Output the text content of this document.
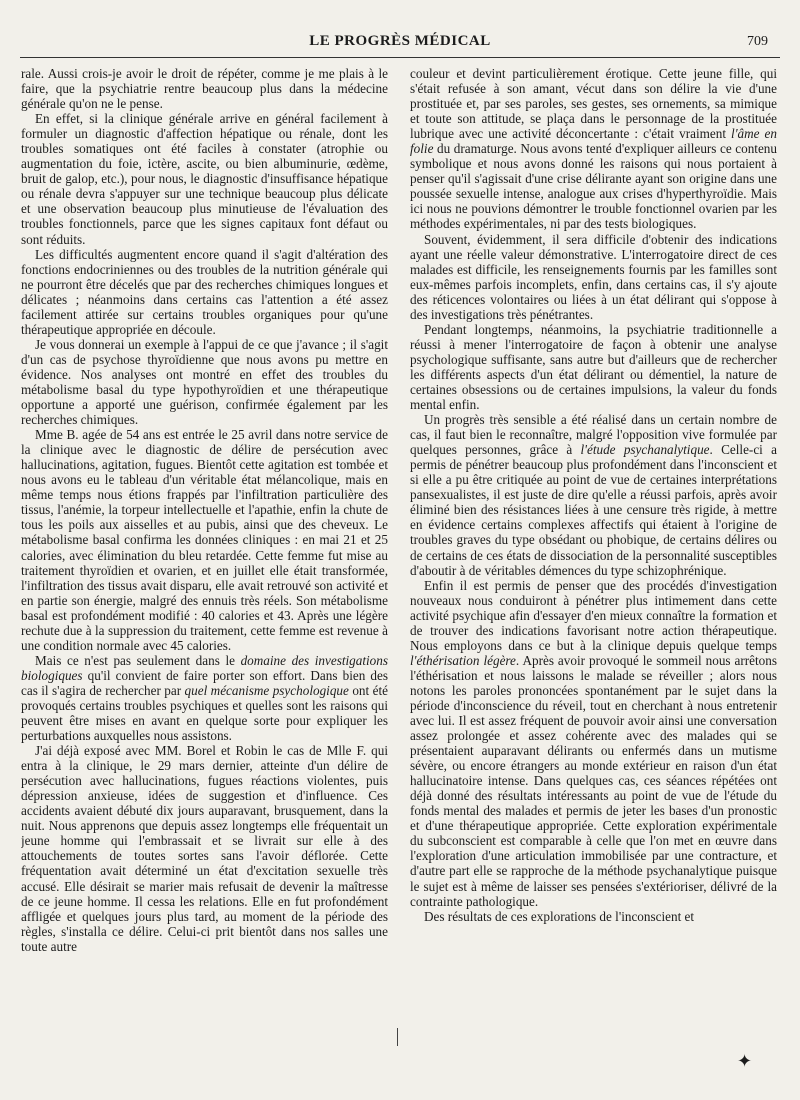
LE PROGRÈS MÉDICAL	709

rale. Aussi crois-je avoir le droit de répéter, comme je me plais à le faire, que la psychiatrie rentre beaucoup plus dans la médecine générale qu'on ne le pense.

En effet, si la clinique générale arrive en général facilement à formuler un diagnostic d'affection hépatique ou rénale, dont les troubles somatiques ont été faciles à constater (atrophie ou augmentation du foie, ictère, ascite, ou bien albuminurie, œdème, bruit de galop, etc.), pour nous, le diagnostic d'insuffisance hépatique ou rénale devra s'appuyer sur une technique beaucoup plus délicate et une observation beaucoup plus minutieuse de l'évaluation des troubles fonctionnels, parce que les signes capitaux font défaut ou sont réduits.

Les difficultés augmentent encore quand il s'agit d'altération des fonctions endocriniennes ou des troubles de la nutrition générale qui ne pourront être décelés que par des recherches chimiques longues et délicates ; néanmoins dans certains cas l'attention a été assez facilement attirée sur certains troubles organiques pour qu'une thérapeutique appropriée en découle.

Je vous donnerai un exemple à l'appui de ce que j'avance ; il s'agit d'un cas de psychose thyroïdienne que nous avons pu mettre en évidence. Nos analyses ont montré en effet des troubles du métabolisme basal du type hypothyroïdien et une thérapeutique opportune a apporté une guérison, confirmée également par les recherches chimiques.

Mme B. agée de 54 ans est entrée le 25 avril dans notre service de la clinique avec le diagnostic de délire de persécution avec hallucinations, agitation, fugues. Bientôt cette agitation est tombée et nous avons eu le tableau d'un véritable état mélancolique, mais en même temps nous étions frappés par l'infiltration particulière des tissus, l'anémie, la torpeur intellectuelle et l'apathie, enfin la chute de tous les poils aux aisselles et au pubis, ainsi que des cheveux. Le métabolisme basal confirma les données cliniques : en mai 21 et 25 calories, avec élimination du bleu retardée. Cette femme fut mise au traitement thyroïdien et ovarien, et en juillet elle était transformée, l'infiltration des tissus avait disparu, elle avait retrouvé son activité et en partie son énergie, malgré des ennuis très réels. Son métabolisme basal est profondément modifié : 40 calories et 43. Après une légère rechute due à la suppression du traitement, cette femme est revenue à une condition normale avec 45 calories.

Mais ce n'est pas seulement dans le domaine des investigations biologiques qu'il convient de faire porter son effort. Dans bien des cas il s'agira de rechercher par quel mécanisme psychologique ont été provoqués certains troubles psychiques et quelles sont les raisons qui peuvent être mises en avant en quelque sorte pour expliquer les perturbations auxquelles nous assistons.

J'ai déjà exposé avec MM. Borel et Robin le cas de Mlle F. qui entra à la clinique, le 29 mars dernier, atteinte d'un délire de persécution avec hallucinations, fugues réactions violentes, puis dépression anxieuse, idées de suggestion et d'influence. Ces accidents avaient débuté dix jours auparavant, brusquement, dans la nuit. Nous apprenons que depuis assez longtemps elle fréquentait un jeune homme qui l'embrassait et se livrait sur elle à des attouchements de toutes sortes sans l'avoir déflorée. Cette fréquentation avait déterminé un état d'excitation sexuelle très accusé. Elle désirait se marier mais refusait de devenir la maîtresse de ce jeune homme. Il cessa les relations. Elle en fut profondément affligée et quelques jours plus tard, au moment de la période des règles, s'installa ce délire. Celui-ci prit bientôt dans nos salles une toute autre

couleur et devint particulièrement érotique. Cette jeune fille, qui s'était refusée à son amant, vécut dans son délire la vie d'une prostituée et, par ses paroles, ses gestes, ses ornements, sa mimique et toute son attitude, se plaça dans le personnage de la prostituée lubrique avec une activité déconcertante : c'était vraiment l'âme en folie du dramaturge. Nous avons tenté d'expliquer ailleurs ce contenu symbolique et nous avons donné les raisons qui nous portaient à penser qu'il s'agissait d'une crise délirante ayant son origine dans une poussée sexuelle intense, analogue aux crises d'hyperthyroïdie. Mais ici nous ne pouvions démontrer le trouble fonctionnel ovarien par les méthodes expérimentales, ni par des tests biologiques.

Souvent, évidemment, il sera difficile d'obtenir des indications ayant une réelle valeur démonstrative. L'interrogatoire direct de ces malades est difficile, les renseignements fournis par les familles sont eux-mêmes parfois incomplets, enfin, dans certains cas, il s'y ajoute des réticences volontaires ou liées à un état délirant qui s'oppose à des investigations très pénétrantes.

Pendant longtemps, néanmoins, la psychiatrie traditionnelle a réussi à mener l'interrogatoire de façon à obtenir une analyse psychologique suffisante, sans autre but d'ailleurs que de rechercher les différents aspects d'un état délirant ou démentiel, la nature de certaines obsessions ou de certaines impulsions, la valeur du fonds mental enfin.

Un progrès très sensible a été réalisé dans un certain nombre de cas, il faut bien le reconnaître, malgré l'opposition vive formulée par quelques personnes, grâce à l'étude psychanalytique. Celle-ci a permis de pénétrer beaucoup plus profondément dans l'inconscient et si elle a pu être critiquée au point de vue de certaines interprétations pansexualistes, il est juste de dire qu'elle a réussi parfois, après avoir éliminé bien des résistances liées à une censure très rigide, à mettre en évidence certains complexes affectifs qui étaient à l'origine de troubles graves du type obsédant ou phobique, de certains délires ou de certains de ces états de dissociation de la personnalité susceptibles d'aboutir à de véritables démences du type schizophrénique.

Enfin il est permis de penser que des procédés d'investigation nouveaux nous conduiront à pénétrer plus intimement dans cette activité psychique afin d'essayer d'en mieux connaître la formation et de trouver des indications favorisant notre action thérapeutique. Nous employons dans ce but à la clinique depuis quelque temps l'éthérisation légère. Après avoir provoqué le sommeil nous arrêtons l'éthérisation et nous laissons le malade se réveiller ; alors nous notons les paroles prononcées spontanément par le sujet dans la période d'inconscience du réveil, tout en cherchant à nous entretenir avec lui. Il est assez fréquent de pouvoir avoir ainsi une conversation assez prolongée et assez cohérente avec des malades qui se présentaient auparavant délirants ou enfermés dans un mutisme sévère, ou encore étrangers au monde extérieur en raison d'un état hallucinatoire intense. Dans quelques cas, ces séances répétées ont déjà donné des résultats intéressants au point de vue de l'étude du fonds mental des malades et permis de jeter les bases d'un pronostic et d'une thérapeutique appropriée. Cette exploration expérimentale du subconscient est comparable à celle que l'on met en œuvre dans l'exploration d'une articulation immobilisée par une contracture, et d'autre part elle se rapproche de la méthode psychanalytique puisque le sujet est à même de laisser ses pensées s'extérioriser, délivré de la contrainte pathologique.

Des résultats de ces explorations de l'inconscient et

✦
